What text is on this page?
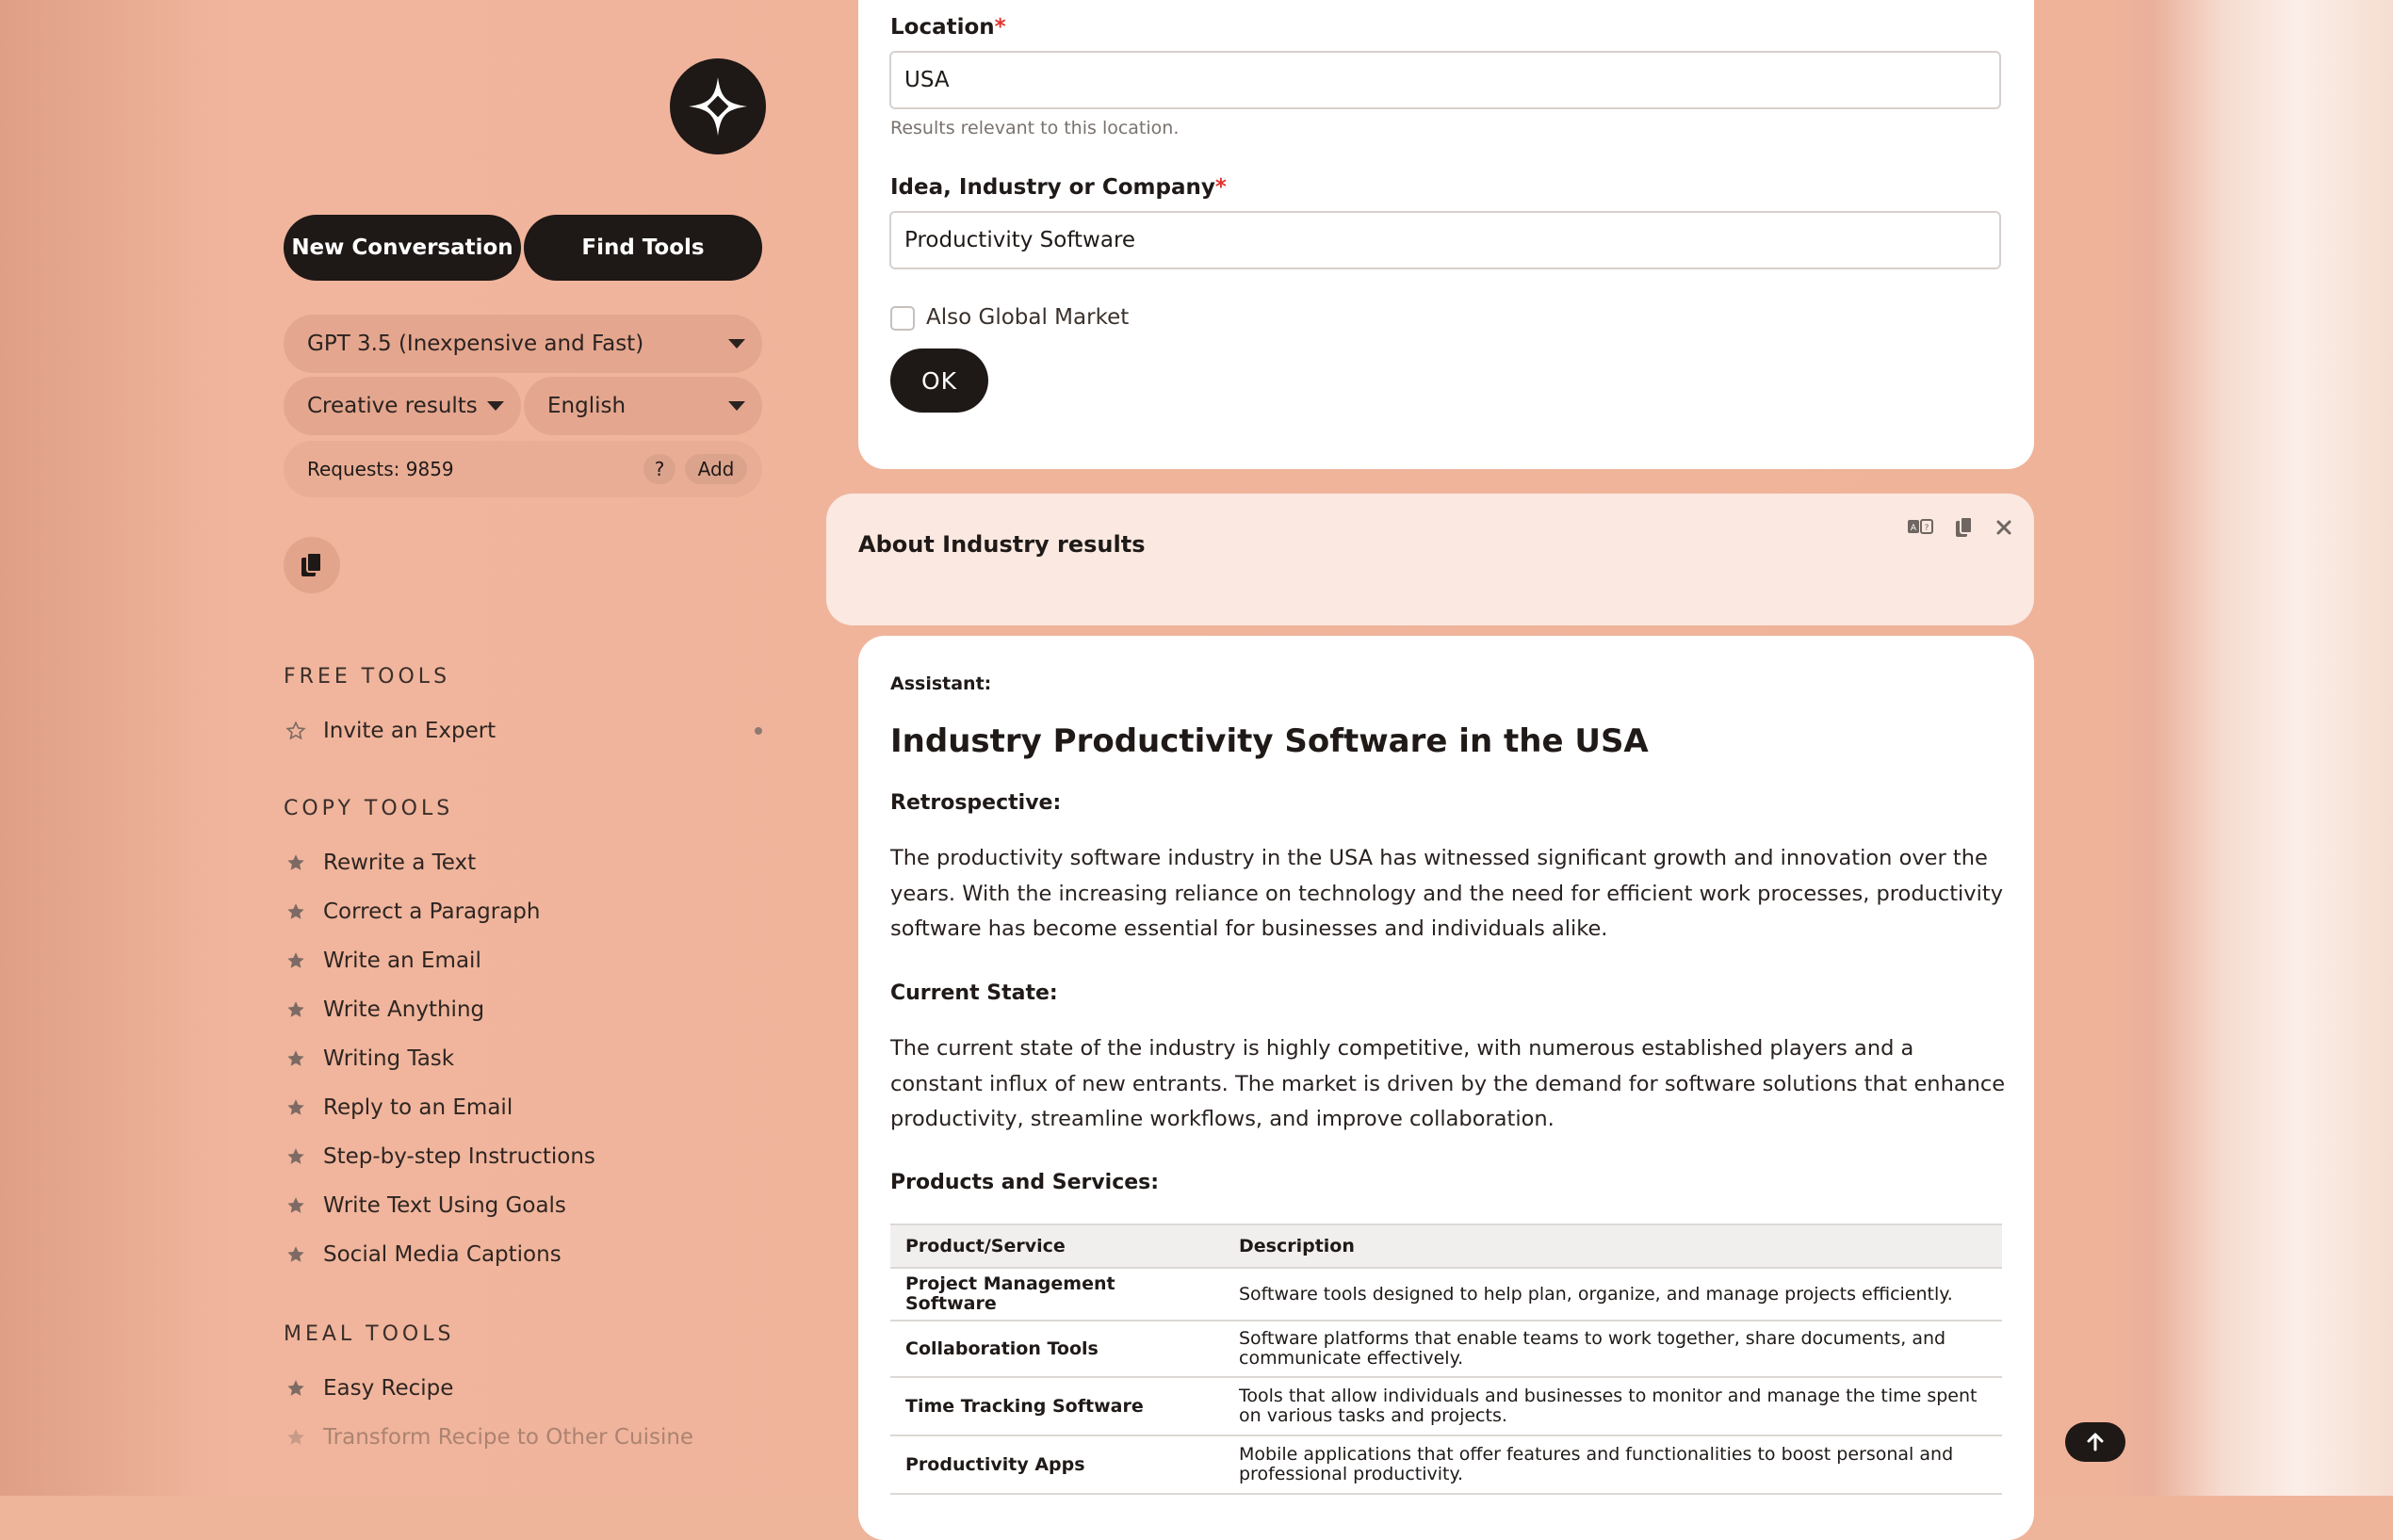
New Conversation	Find Tools
GPT 3.5 (Inexpensive and Fast)
Creative results	English
Requests: 9859	?	Add
FREE TOOLS
Invite an Expert
COPY TOOLS
Rewrite a Text
Correct a Paragraph
Write an Email
Write Anything
Writing Task
Reply to an Email
Step-by-step Instructions
Write Text Using Goals
Social Media Captions
MEAL TOOLS
Easy Recipe
Transform Recipe to Other Cuisine
Location*
USA
Results relevant to this location.
Idea, Industry or Company*
Productivity Software
Also Global Market
OK
About Industry results
A ?
Assistant:
Industry Productivity Software in the USA
Retrospective:
The productivity software industry in the USA has witnessed significant growth and innovation over the years. With the increasing reliance on technology and the need for efficient work processes, productivity software has become essential for businesses and individuals alike.
Current State:
The current state of the industry is highly competitive, with numerous established players and a constant influx of new entrants. The market is driven by the demand for software solutions that enhance productivity, streamline workflows, and improve collaboration.
Products and Services:
Product/Service	Description
Project Management Software	Software tools designed to help plan, organize, and manage projects efficiently.
Collaboration Tools	Software platforms that enable teams to work together, share documents, and communicate effectively.
Time Tracking Software	Tools that allow individuals and businesses to monitor and manage the time spent on various tasks and projects.
Productivity Apps	Mobile applications that offer features and functionalities to boost personal and professional productivity.
